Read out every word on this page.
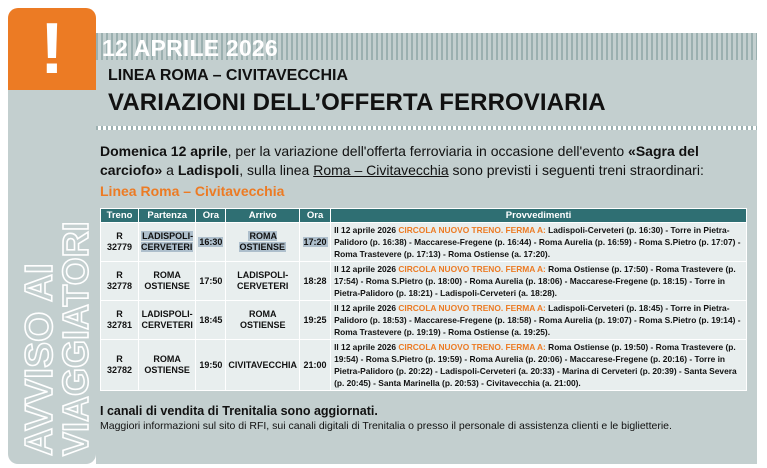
!
AVVISO AI
VIAGGIATORI
12 APRILE 2026
LINEA ROMA – CIVITAVECCHIA
VARIAZIONI DELL’OFFERTA FERROVIARIA
Domenica 12 aprile, per la variazione dell'offerta ferroviaria in occasione dell'evento «Sagra del carciofo» a Ladispoli, sulla linea Roma – Civitavecchia sono previsti i seguenti treni straordinari:
Linea Roma – Civitavecchia
Treno	Partenza	Ora	Arrivo	Ora	Provvedimenti
R 32779	LADISPOLI-CERVETERI	16:30	ROMA OSTIENSE	17:20	Il 12 aprile 2026 CIRCOLA NUOVO TRENO. FERMA A: Ladispoli-Cerveteri (p. 16:30) - Torre in Pietra-Palidoro (p. 16:38) - Maccarese-Fregene (p. 16:44) - Roma Aurelia (p. 16:59) - Roma S.Pietro (p. 17:07) - Roma Trastevere (p. 17:13) - Roma Ostiense (a. 17:20).
R 32778	ROMA OSTIENSE	17:50	LADISPOLI-CERVETERI	18:28	Il 12 aprile 2026 CIRCOLA NUOVO TRENO. FERMA A: Roma Ostiense (p. 17:50) - Roma Trastevere (p. 17:54) - Roma S.Pietro (p. 18:00) - Roma Aurelia (p. 18:06) - Maccarese-Fregene (p. 18:15) - Torre in Pietra-Palidoro (p. 18:21) - Ladispoli-Cerveteri (a. 18:28).
R 32781	LADISPOLI-CERVETERI	18:45	ROMA OSTIENSE	19:25	Il 12 aprile 2026 CIRCOLA NUOVO TRENO. FERMA A: Ladispoli-Cerveteri (p. 18:45) - Torre in Pietra-Palidoro (p. 18:53) - Maccarese-Fregene (p. 18:58) - Roma Aurelia (p. 19:07) - Roma S.Pietro (p. 19:14) - Roma Trastevere (p. 19:19) - Roma Ostiense (a. 19:25).
R 32782	ROMA OSTIENSE	19:50	CIVITAVECCHIA	21:00	Il 12 aprile 2026 CIRCOLA NUOVO TRENO. FERMA A: Roma Ostiense (p. 19:50) - Roma Trastevere (p. 19:54) - Roma S.Pietro (p. 19:59) - Roma Aurelia (p. 20:06) - Maccarese-Fregene (p. 20:16) - Torre in Pietra-Palidoro (p. 20:22) - Ladispoli-Cerveteri (a. 20:33) - Marina di Cerveteri (p. 20:39) - Santa Severa (p. 20:45) - Santa Marinella (p. 20:53) - Civitavecchia (a. 21:00).
I canali di vendita di Trenitalia sono aggiornati.
Maggiori informazioni sul sito di RFI, sui canali digitali di Trenitalia o presso il personale di assistenza clienti e le biglietterie.
